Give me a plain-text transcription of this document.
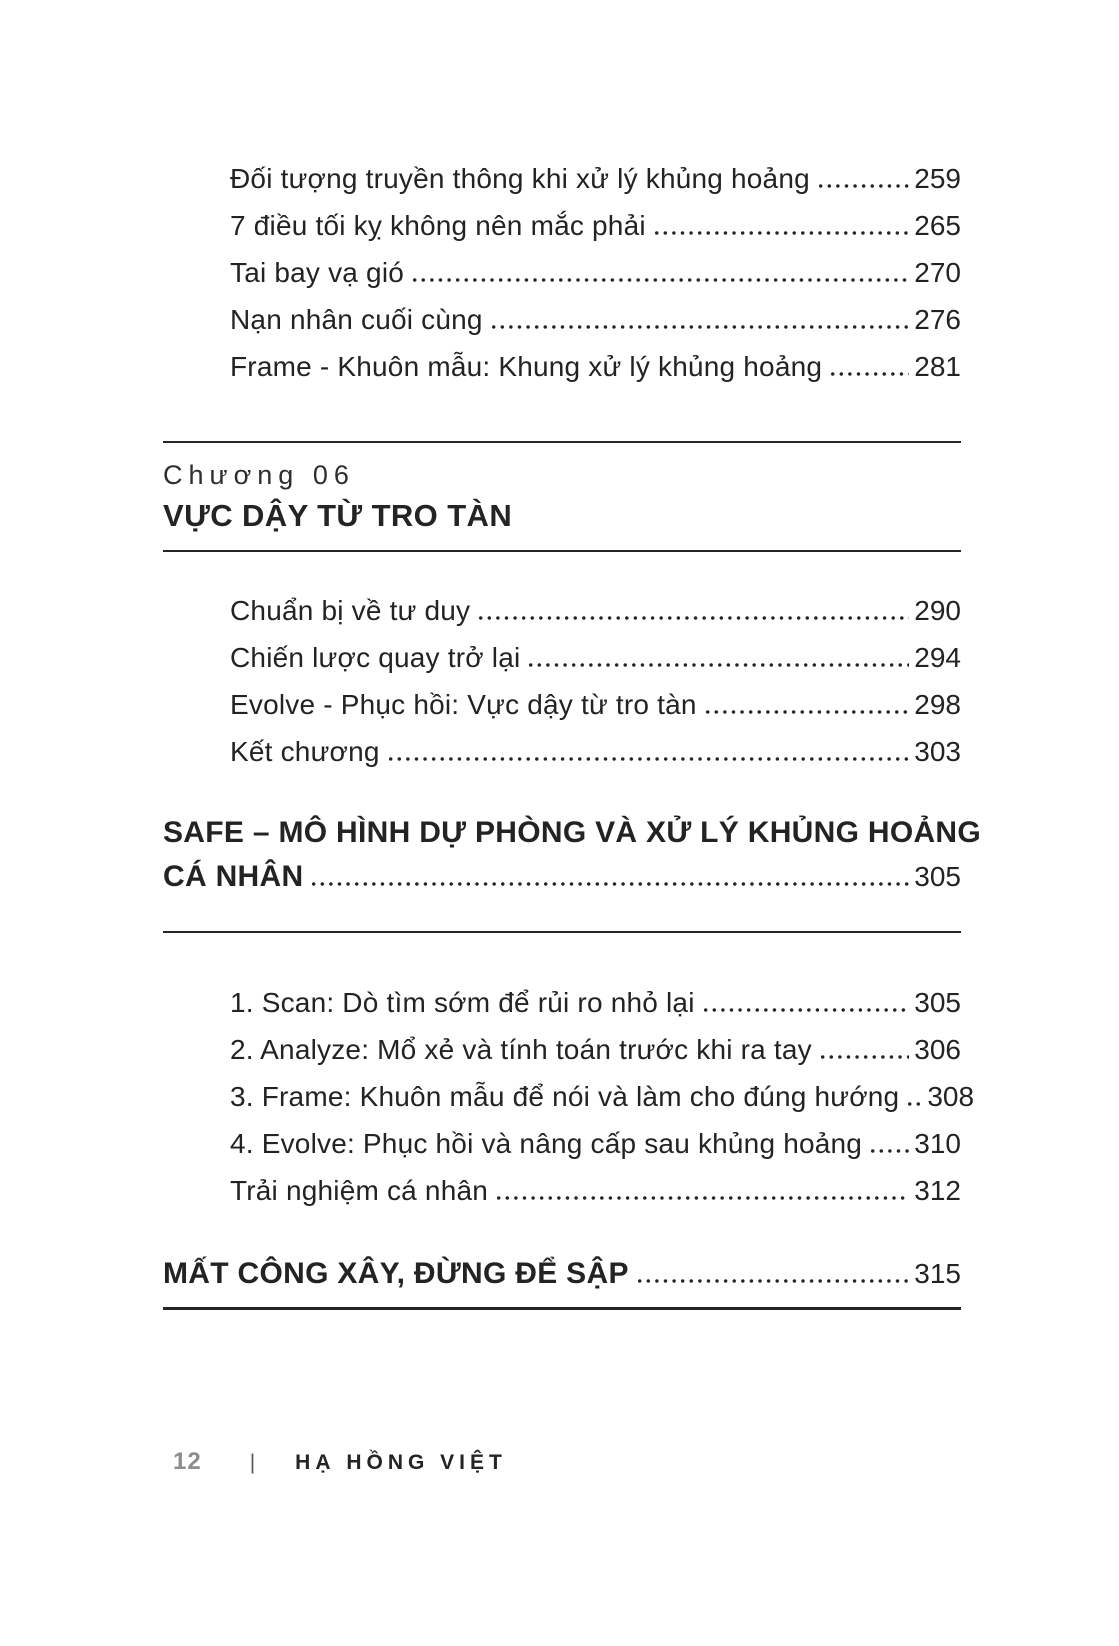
Đối tượng truyền thông khi xử lý khủng hoảng	259
7 điều tối kỵ không nên mắc phải	265
Tai bay vạ gió	270
Nạn nhân cuối cùng	276
Frame - Khuôn mẫu: Khung xử lý khủng hoảng	281
Chương 06
VỰC DẬY TỪ TRO TÀN
Chuẩn bị về tư duy	290
Chiến lược quay trở lại	294
Evolve - Phục hồi: Vực dậy từ tro tàn	298
Kết chương	303
SAFE – MÔ HÌNH DỰ PHÒNG VÀ XỬ LÝ KHỦNG HOẢNG
CÁ NHÂN	305
1. Scan: Dò tìm sớm để rủi ro nhỏ lại	305
2. Analyze: Mổ xẻ và tính toán trước khi ra tay	306
3. Frame: Khuôn mẫu để nói và làm cho đúng hướng 308
4. Evolve: Phục hồi và nâng cấp sau khủng hoảng 310
Trải nghiệm cá nhân	312
MẤT CÔNG XÂY, ĐỪNG ĐỂ SẬP	315
12 | HẠ HỒNG VIỆT
